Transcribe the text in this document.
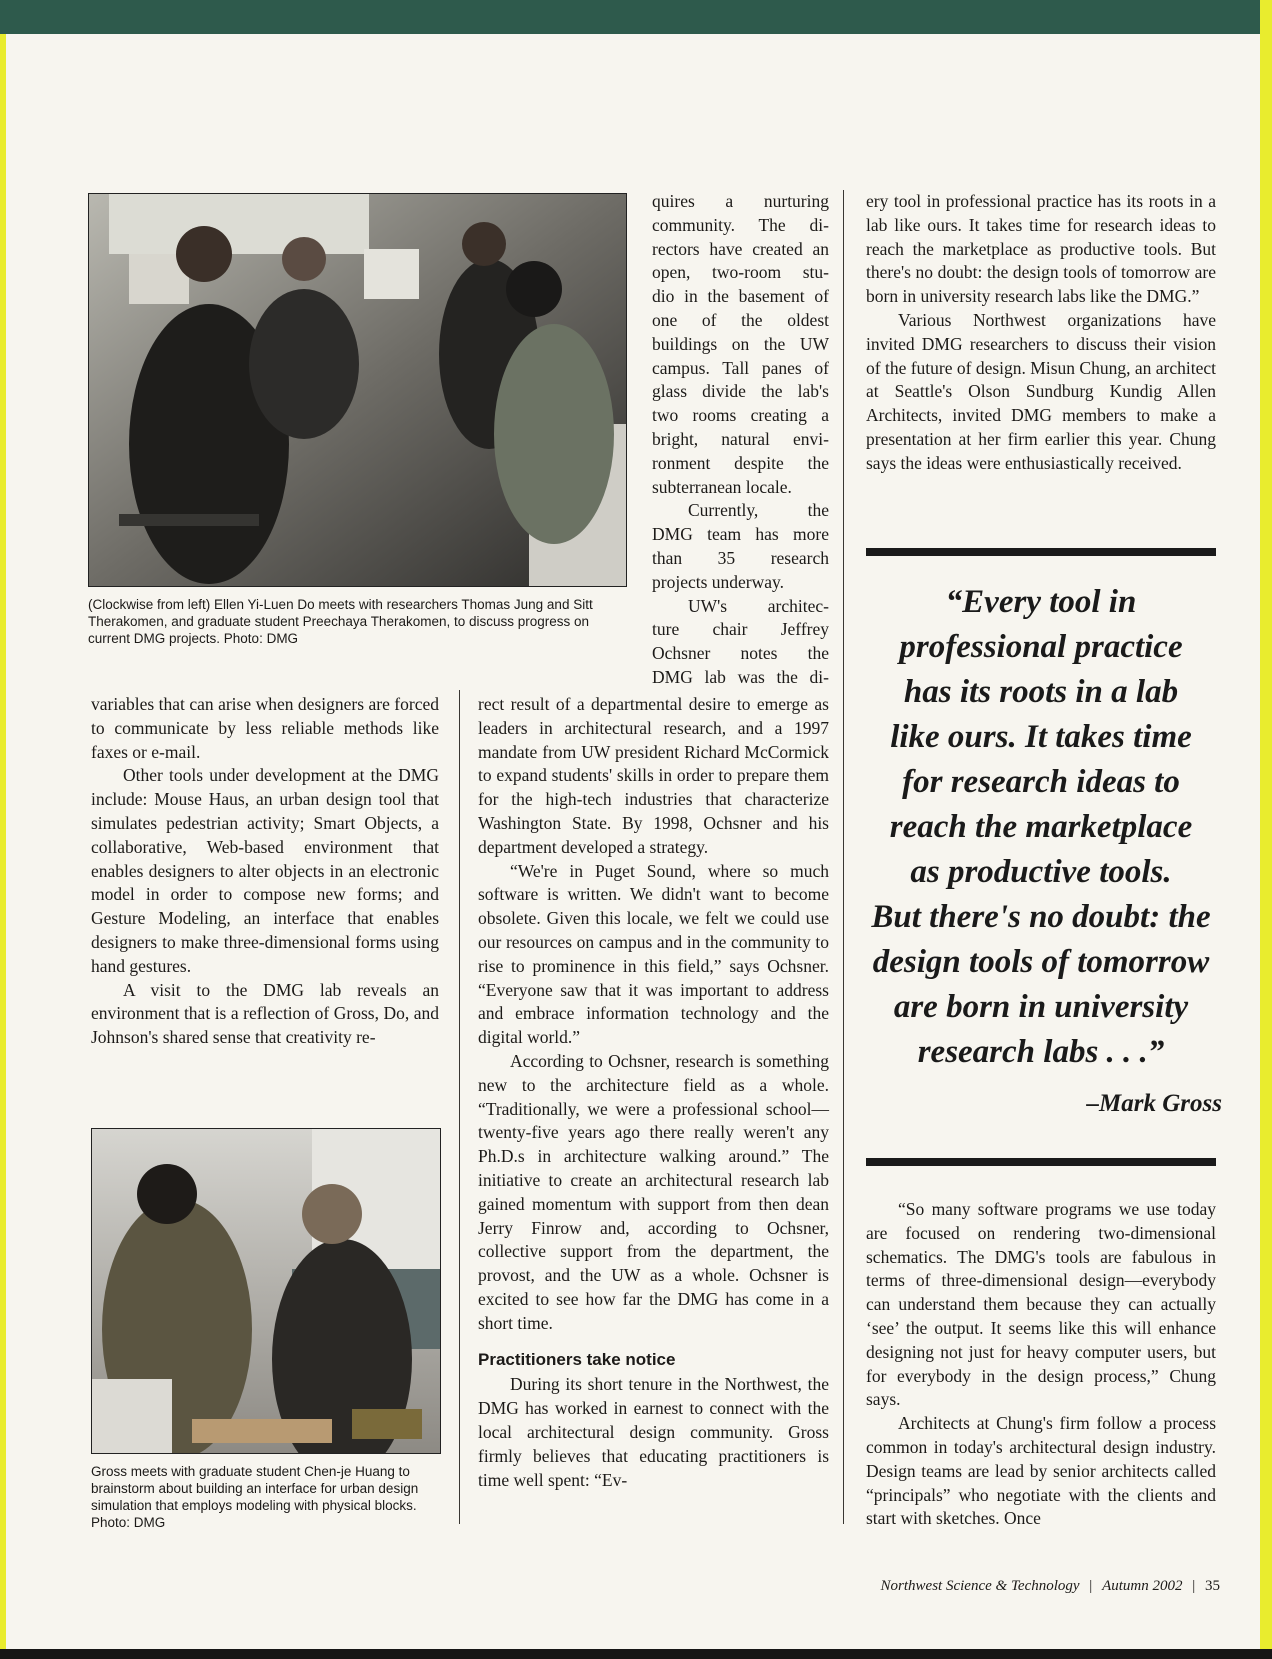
(Clockwise from left) Ellen Yi-Luen Do meets with researchers Thomas Jung and Sitt Therakomen, and graduate student Preechaya Therakomen, to discuss progress on current DMG projects. Photo: DMG
Gross meets with graduate student Chen-je Huang to brainstorm about building an interface for urban design simulation that employs modeling with physical blocks. Photo: DMG

variables that can arise when designers are forced to communicate by less reliable methods like faxes or e-mail.

Other tools under development at the DMG include: Mouse Haus, an urban design tool that simulates pedestrian activity; Smart Objects, a collaborative, Web-based environment that enables designers to alter objects in an electronic model in order to compose new forms; and Gesture Modeling, an interface that enables designers to make three-dimensional forms using hand gestures.

A visit to the DMG lab reveals an environment that is a reflection of Gross, Do, and Johnson's shared sense that creativity re-

quires a nurturing
community. The di-
rectors have created an
open, two-room stu-
dio in the basement of
one of the oldest
buildings on the UW
campus. Tall panes of
glass divide the lab's
two rooms creating a
bright, natural envi-
ronment despite the
subterranean locale.
Currently, the
DMG team has more
than 35 research
projects underway.
UW's architec-
ture chair Jeffrey
Ochsner notes the
DMG lab was the di-

rect result of a departmental desire to emerge as leaders in architectural research, and a 1997 mandate from UW president Richard McCormick to expand students' skills in order to prepare them for the high-tech industries that characterize Washington State. By 1998, Ochsner and his department developed a strategy.

“We're in Puget Sound, where so much software is written. We didn't want to become obsolete. Given this locale, we felt we could use our resources on campus and in the community to rise to prominence in this field,” says Ochsner. “Everyone saw that it was important to address and embrace information technology and the digital world.”

According to Ochsner, research is something new to the architecture field as a whole. “Traditionally, we were a professional school—twenty-five years ago there really weren't any Ph.D.s in architecture walking around.” The initiative to create an architectural research lab gained momentum with support from then dean Jerry Finrow and, according to Ochsner, collective support from the department, the provost, and the UW as a whole. Ochsner is excited to see how far the DMG has come in a short time.

Practitioners take notice

During its short tenure in the Northwest, the DMG has worked in earnest to connect with the local architectural design community. Gross firmly believes that educating practitioners is time well spent: “Ev-

ery tool in professional practice has its roots in a lab like ours. It takes time for research ideas to reach the marketplace as productive tools. But there's no doubt: the design tools of tomorrow are born in university research labs like the DMG.”

Various Northwest organizations have invited DMG researchers to discuss their vision of the future of design. Misun Chung, an architect at Seattle's Olson Sundburg Kundig Allen Architects, invited DMG members to make a presentation at her firm earlier this year. Chung says the ideas were enthusiastically received.

“Every tool in
professional practice
has its roots in a lab
like ours. It takes time
for research ideas to
reach the marketplace
as productive tools.
But there's no doubt: the
design tools of tomorrow
are born in university
research labs . . .”
–Mark Gross

“So many software programs we use today are focused on rendering two-dimensional schematics. The DMG's tools are fabulous in terms of three-dimensional design—everybody can understand them because they can actually ‘see’ the output. It seems like this will enhance designing not just for heavy computer users, but for everybody in the design process,” Chung says.

Architects at Chung's firm follow a process common in today's architectural design industry. Design teams are lead by senior architects called “principals” who negotiate with the clients and start with sketches. Once

Northwest Science & Technology | Autumn 2002 | 35
